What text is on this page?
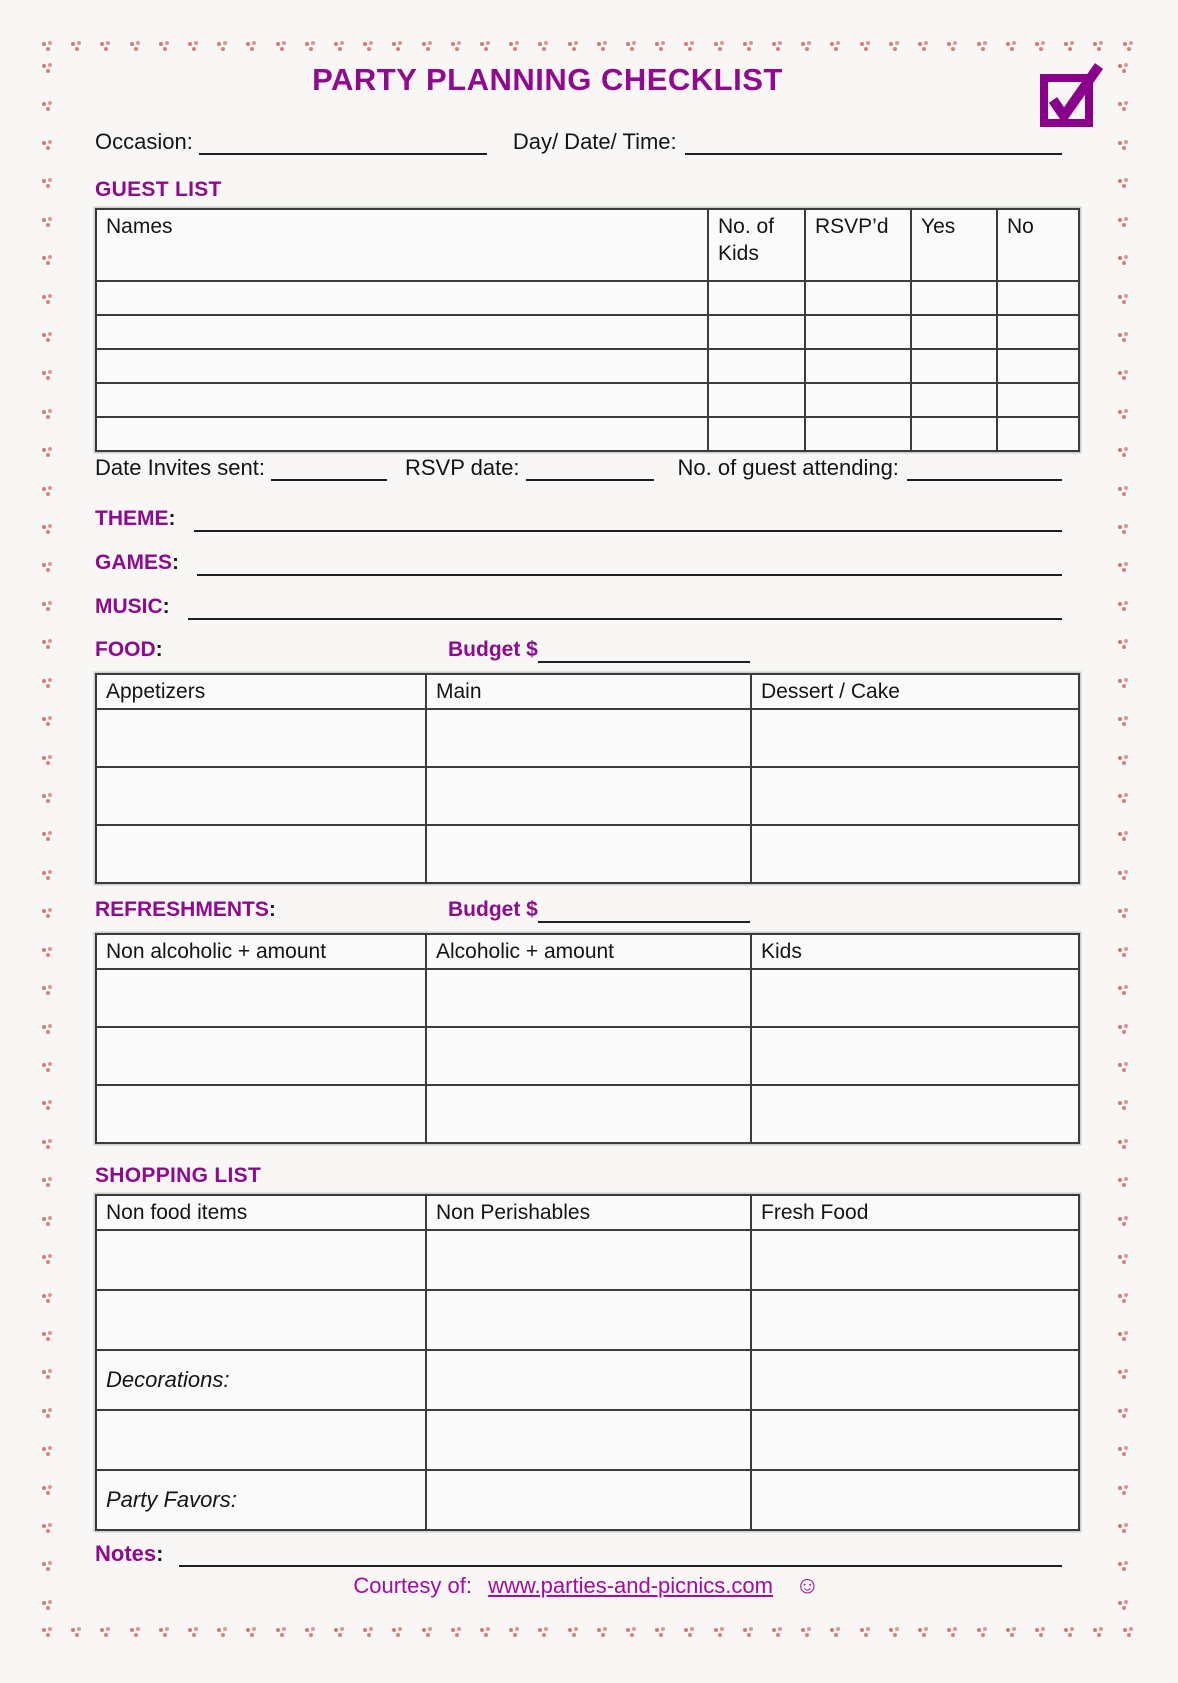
PARTY PLANNING CHECKLIST
Occasion:	Day/ Date/ Time:
GUEST LIST
Names	No. of Kids	RSVP’d	Yes	No

Date Invites sent:	RSVP date:	No. of guest attending:
THEME :
GAMES :
MUSIC :
FOOD :	Budget $
Appetizers	Main	Dessert / Cake

REFRESHMENTS :	Budget $
Non alcoholic + amount	Alcoholic + amount	Kids

SHOPPING LIST
Non food items	Non Perishables	Fresh Food

Decorations:		

Party Favors:		
Notes :
Courtesy of: www.parties-and-picnics.com ☺
